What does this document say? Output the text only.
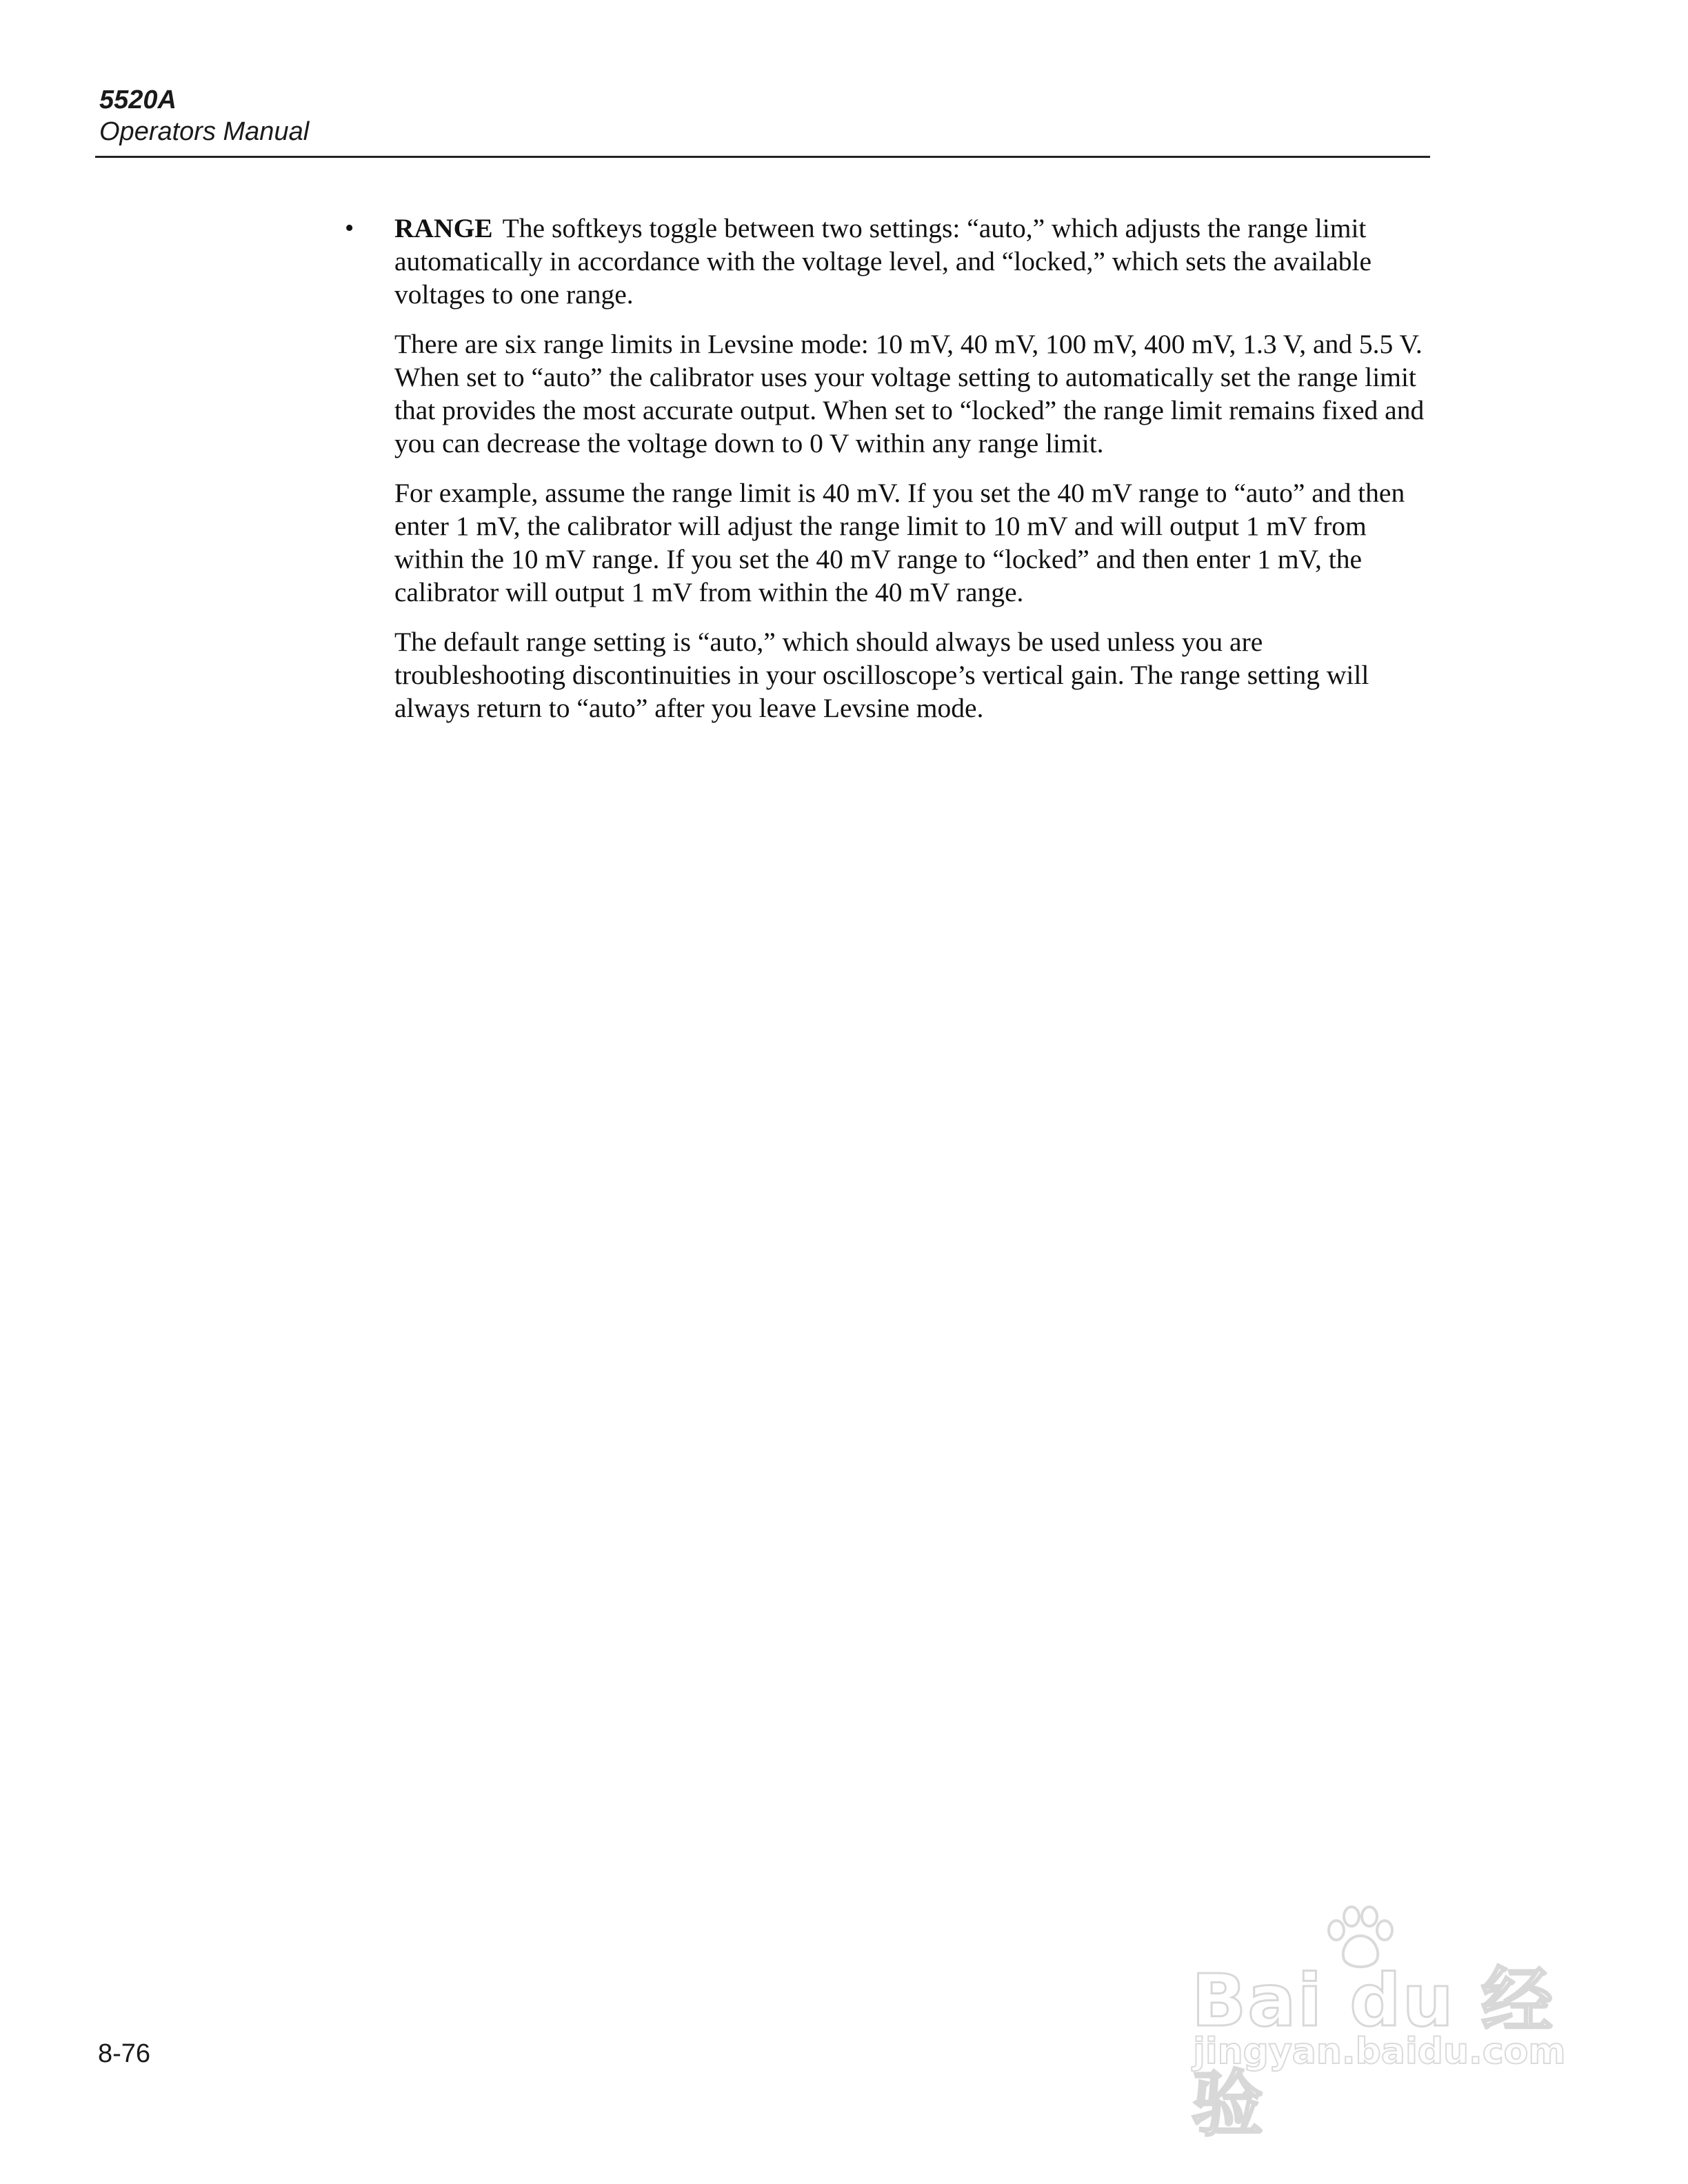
5520A
Operators Manual
• RANGE The softkeys toggle between two settings: “auto,” which adjusts the range limit automatically in accordance with the voltage level, and “locked,” which sets the available voltages to one range.

There are six range limits in Levsine mode: 10 mV, 40 mV, 100 mV, 400 mV, 1.3 V, and 5.5 V. When set to “auto” the calibrator uses your voltage setting to automatically set the range limit that provides the most accurate output. When set to “locked” the range limit remains fixed and you can decrease the voltage down to 0 V within any range limit.

For example, assume the range limit is 40 mV. If you set the 40 mV range to “auto” and then enter 1 mV, the calibrator will adjust the range limit to 10 mV and will output 1 mV from within the 10 mV range. If you set the 40 mV range to “locked” and then enter 1 mV, the calibrator will output 1 mV from within the 40 mV range.

The default range setting is “auto,” which should always be used unless you are troubleshooting discontinuities in your oscilloscope’s vertical gain. The range setting will always return to “auto” after you leave Levsine mode.

8-76
Bai du 经验
jingyan.baidu.com
